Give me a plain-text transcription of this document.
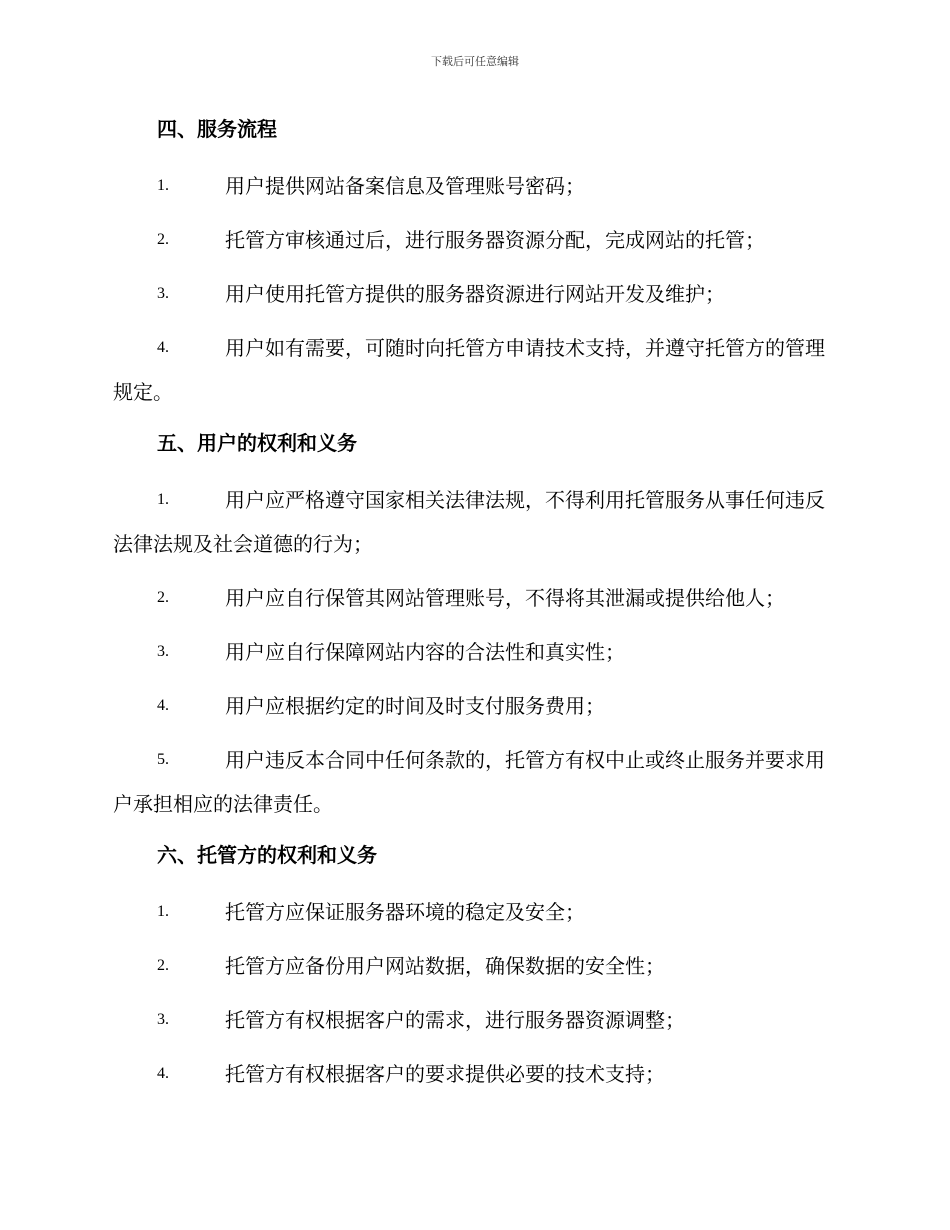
下载后可任意编辑
四、服务流程
1.	用户提供网站备案信息及管理账号密码；
2.	托管方审核通过后，进行服务器资源分配，完成网站的托管；
3.	用户使用托管方提供的服务器资源进行网站开发及维护；
4.	用户如有需要，可随时向托管方申请技术支持，并遵守托管方的管理规定。
五、用户的权利和义务
1.	用户应严格遵守国家相关法律法规，不得利用托管服务从事任何违反法律法规及社会道德的行为；
2.	用户应自行保管其网站管理账号，不得将其泄漏或提供给他人；
3.	用户应自行保障网站内容的合法性和真实性；
4.	用户应根据约定的时间及时支付服务费用；
5.	用户违反本合同中任何条款的，托管方有权中止或终止服务并要求用户承担相应的法律责任。
六、托管方的权利和义务
1.	托管方应保证服务器环境的稳定及安全；
2.	托管方应备份用户网站数据，确保数据的安全性；
3.	托管方有权根据客户的需求，进行服务器资源调整；
4.	托管方有权根据客户的要求提供必要的技术支持；
